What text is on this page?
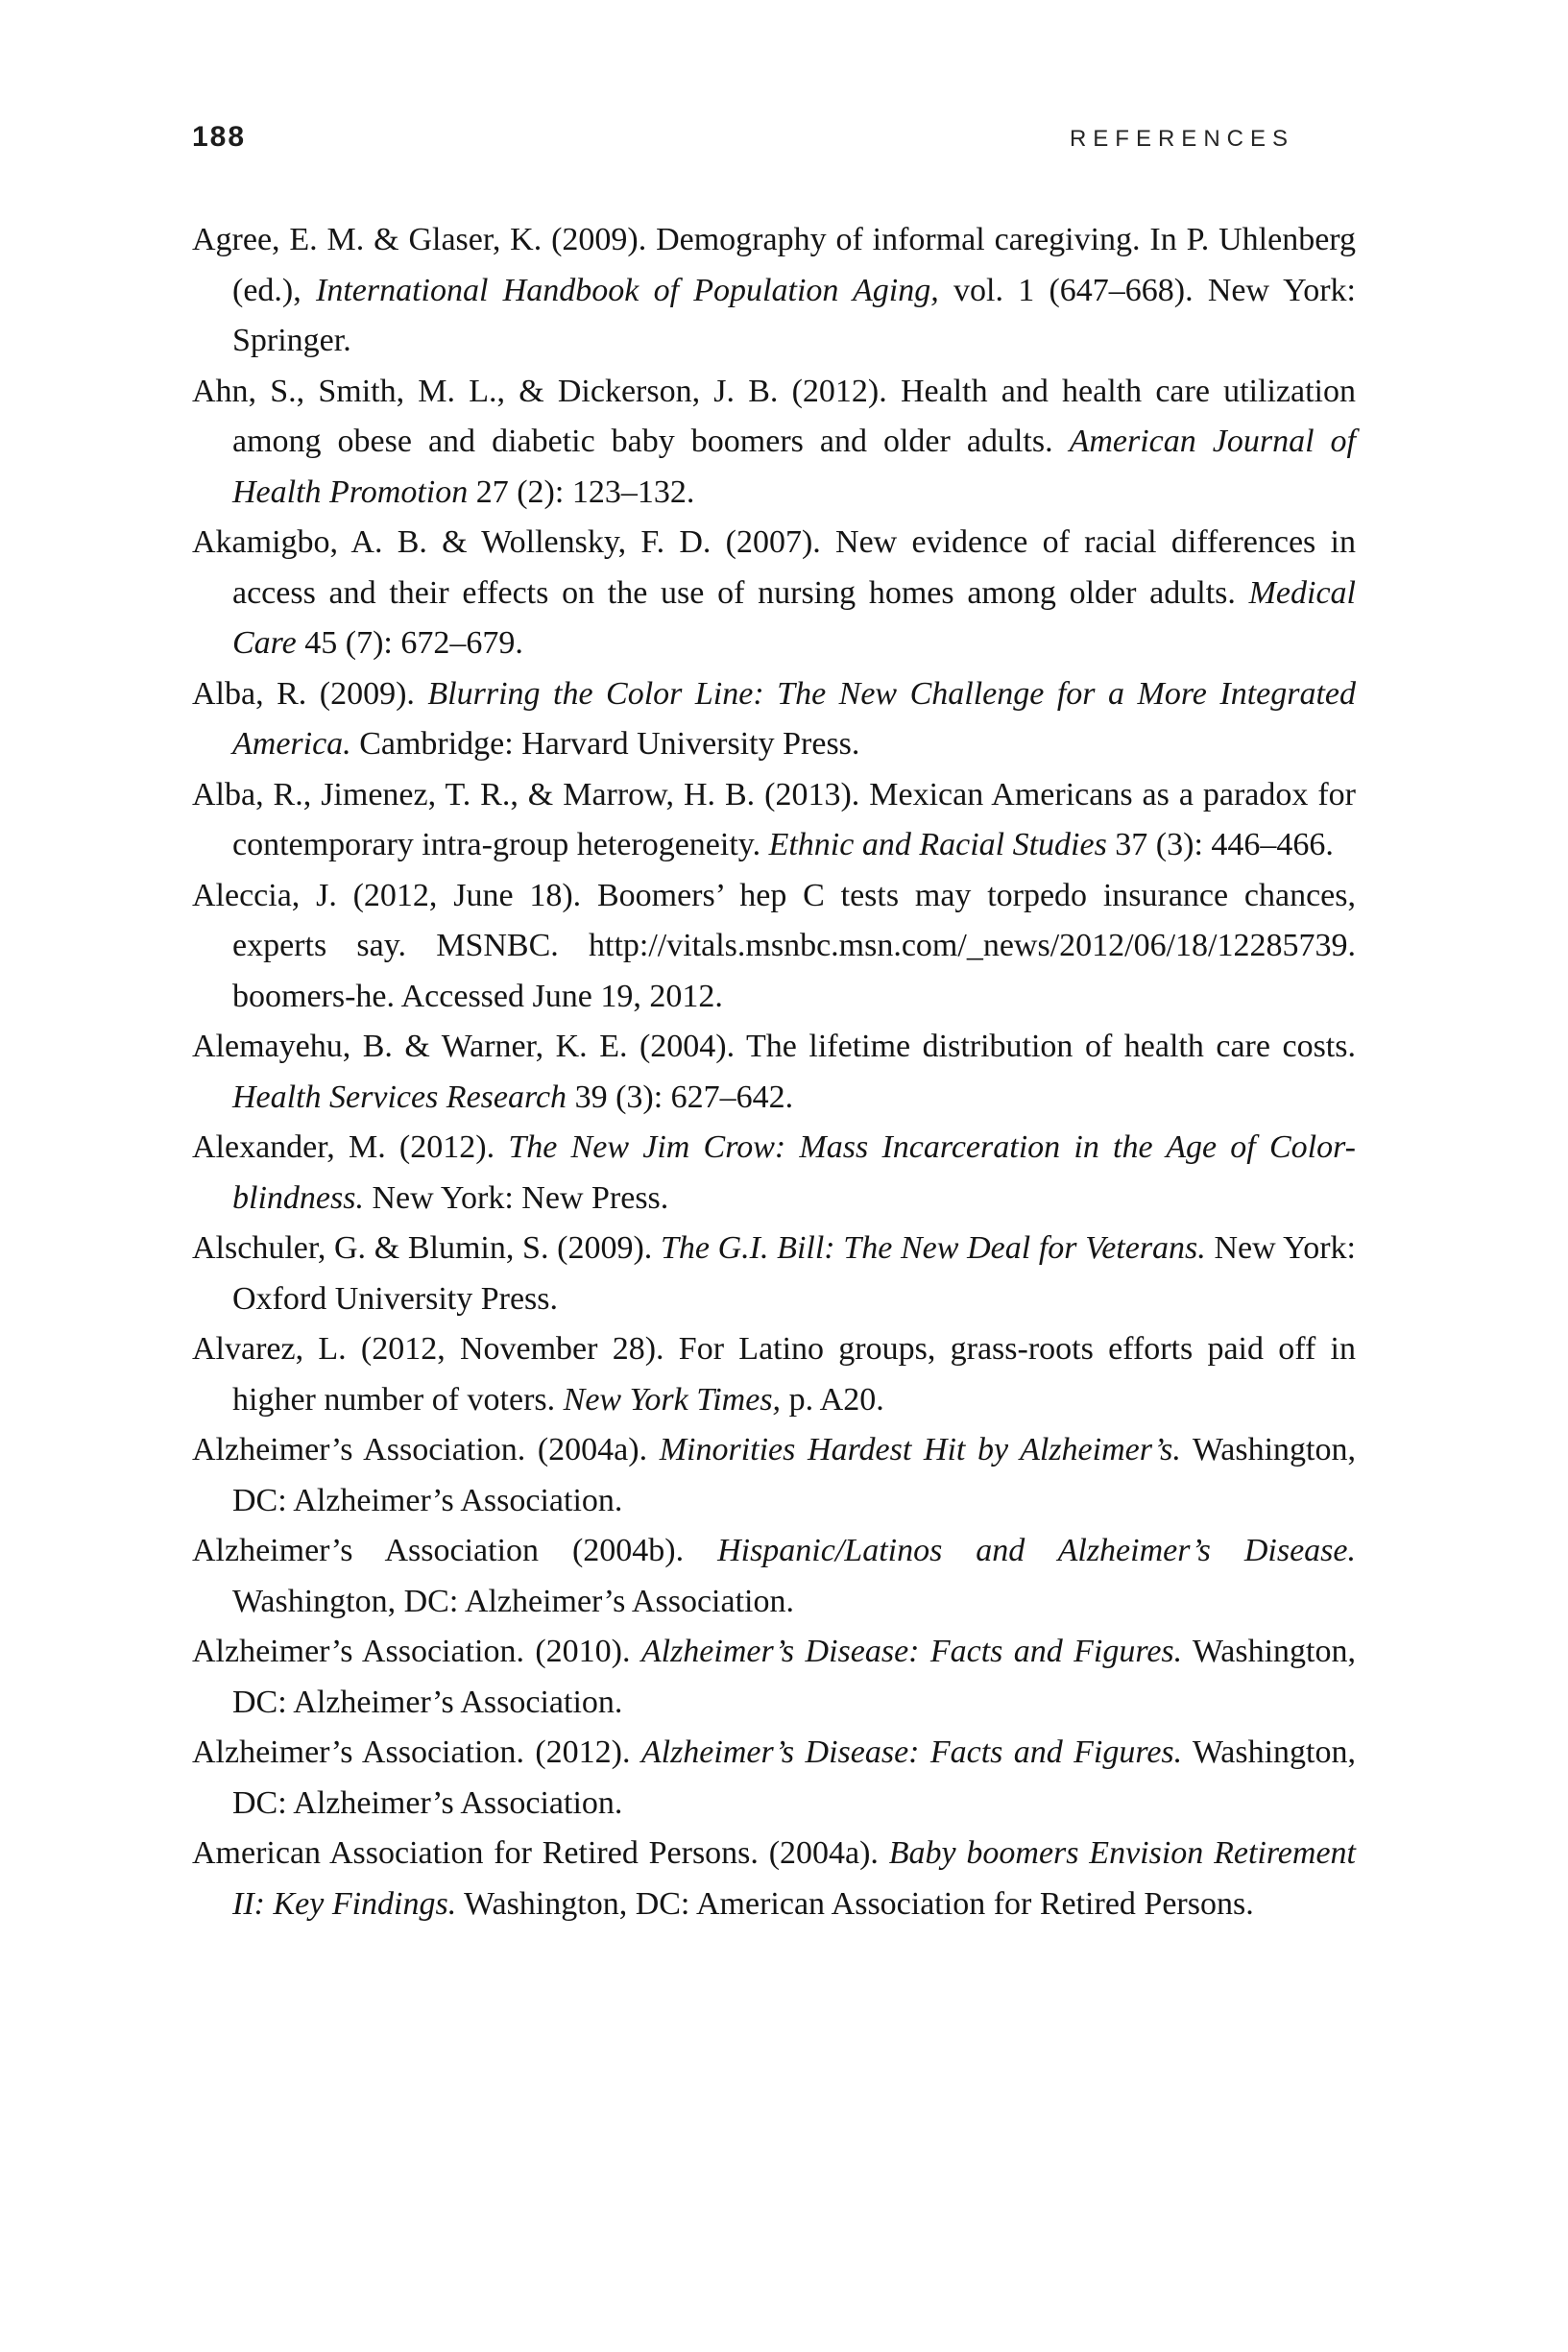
188	REFERENCES

Agree, E. M. & Glaser, K. (2009). Demography of informal caregiving. In P. Uhlenberg (ed.), International Handbook of Population Aging, vol. 1 (647–668). New York: Springer.

Ahn, S., Smith, M. L., & Dickerson, J. B. (2012). Health and health care utilization among obese and diabetic baby boomers and older adults. American Journal of Health Promotion 27 (2): 123–132.

Akamigbo, A. B. & Wollensky, F. D. (2007). New evidence of racial differences in access and their effects on the use of nursing homes among older adults. Medical Care 45 (7): 672–679.

Alba, R. (2009). Blurring the Color Line: The New Challenge for a More Integrated America. Cambridge: Harvard University Press.

Alba, R., Jimenez, T. R., & Marrow, H. B. (2013). Mexican Americans as a paradox for contemporary intra-group heterogeneity. Ethnic and Racial Studies 37 (3): 446–466.

Aleccia, J. (2012, June 18). Boomers’ hep C tests may torpedo insurance chances, experts say. MSNBC. http://vitals.msnbc.msn.com/_news/2012/06/18/12285739. boomers-he. Accessed June 19, 2012.

Alemayehu, B. & Warner, K. E. (2004). The lifetime distribution of health care costs. Health Services Research 39 (3): 627–642.

Alexander, M. (2012). The New Jim Crow: Mass Incarceration in the Age of Color-blindness. New York: New Press.

Alschuler, G. & Blumin, S. (2009). The G.I. Bill: The New Deal for Veterans. New York: Oxford University Press.

Alvarez, L. (2012, November 28). For Latino groups, grass-roots efforts paid off in higher number of voters. New York Times, p. A20.

Alzheimer’s Association. (2004a). Minorities Hardest Hit by Alzheimer’s. Washington, DC: Alzheimer’s Association.

Alzheimer’s Association (2004b). Hispanic/Latinos and Alzheimer’s Disease. Washington, DC: Alzheimer’s Association.

Alzheimer’s Association. (2010). Alzheimer’s Disease: Facts and Figures. Washington, DC: Alzheimer’s Association.

Alzheimer’s Association. (2012). Alzheimer’s Disease: Facts and Figures. Washington, DC: Alzheimer’s Association.

American Association for Retired Persons. (2004a). Baby boomers Envision Retirement II: Key Findings. Washington, DC: American Association for Retired Persons.
